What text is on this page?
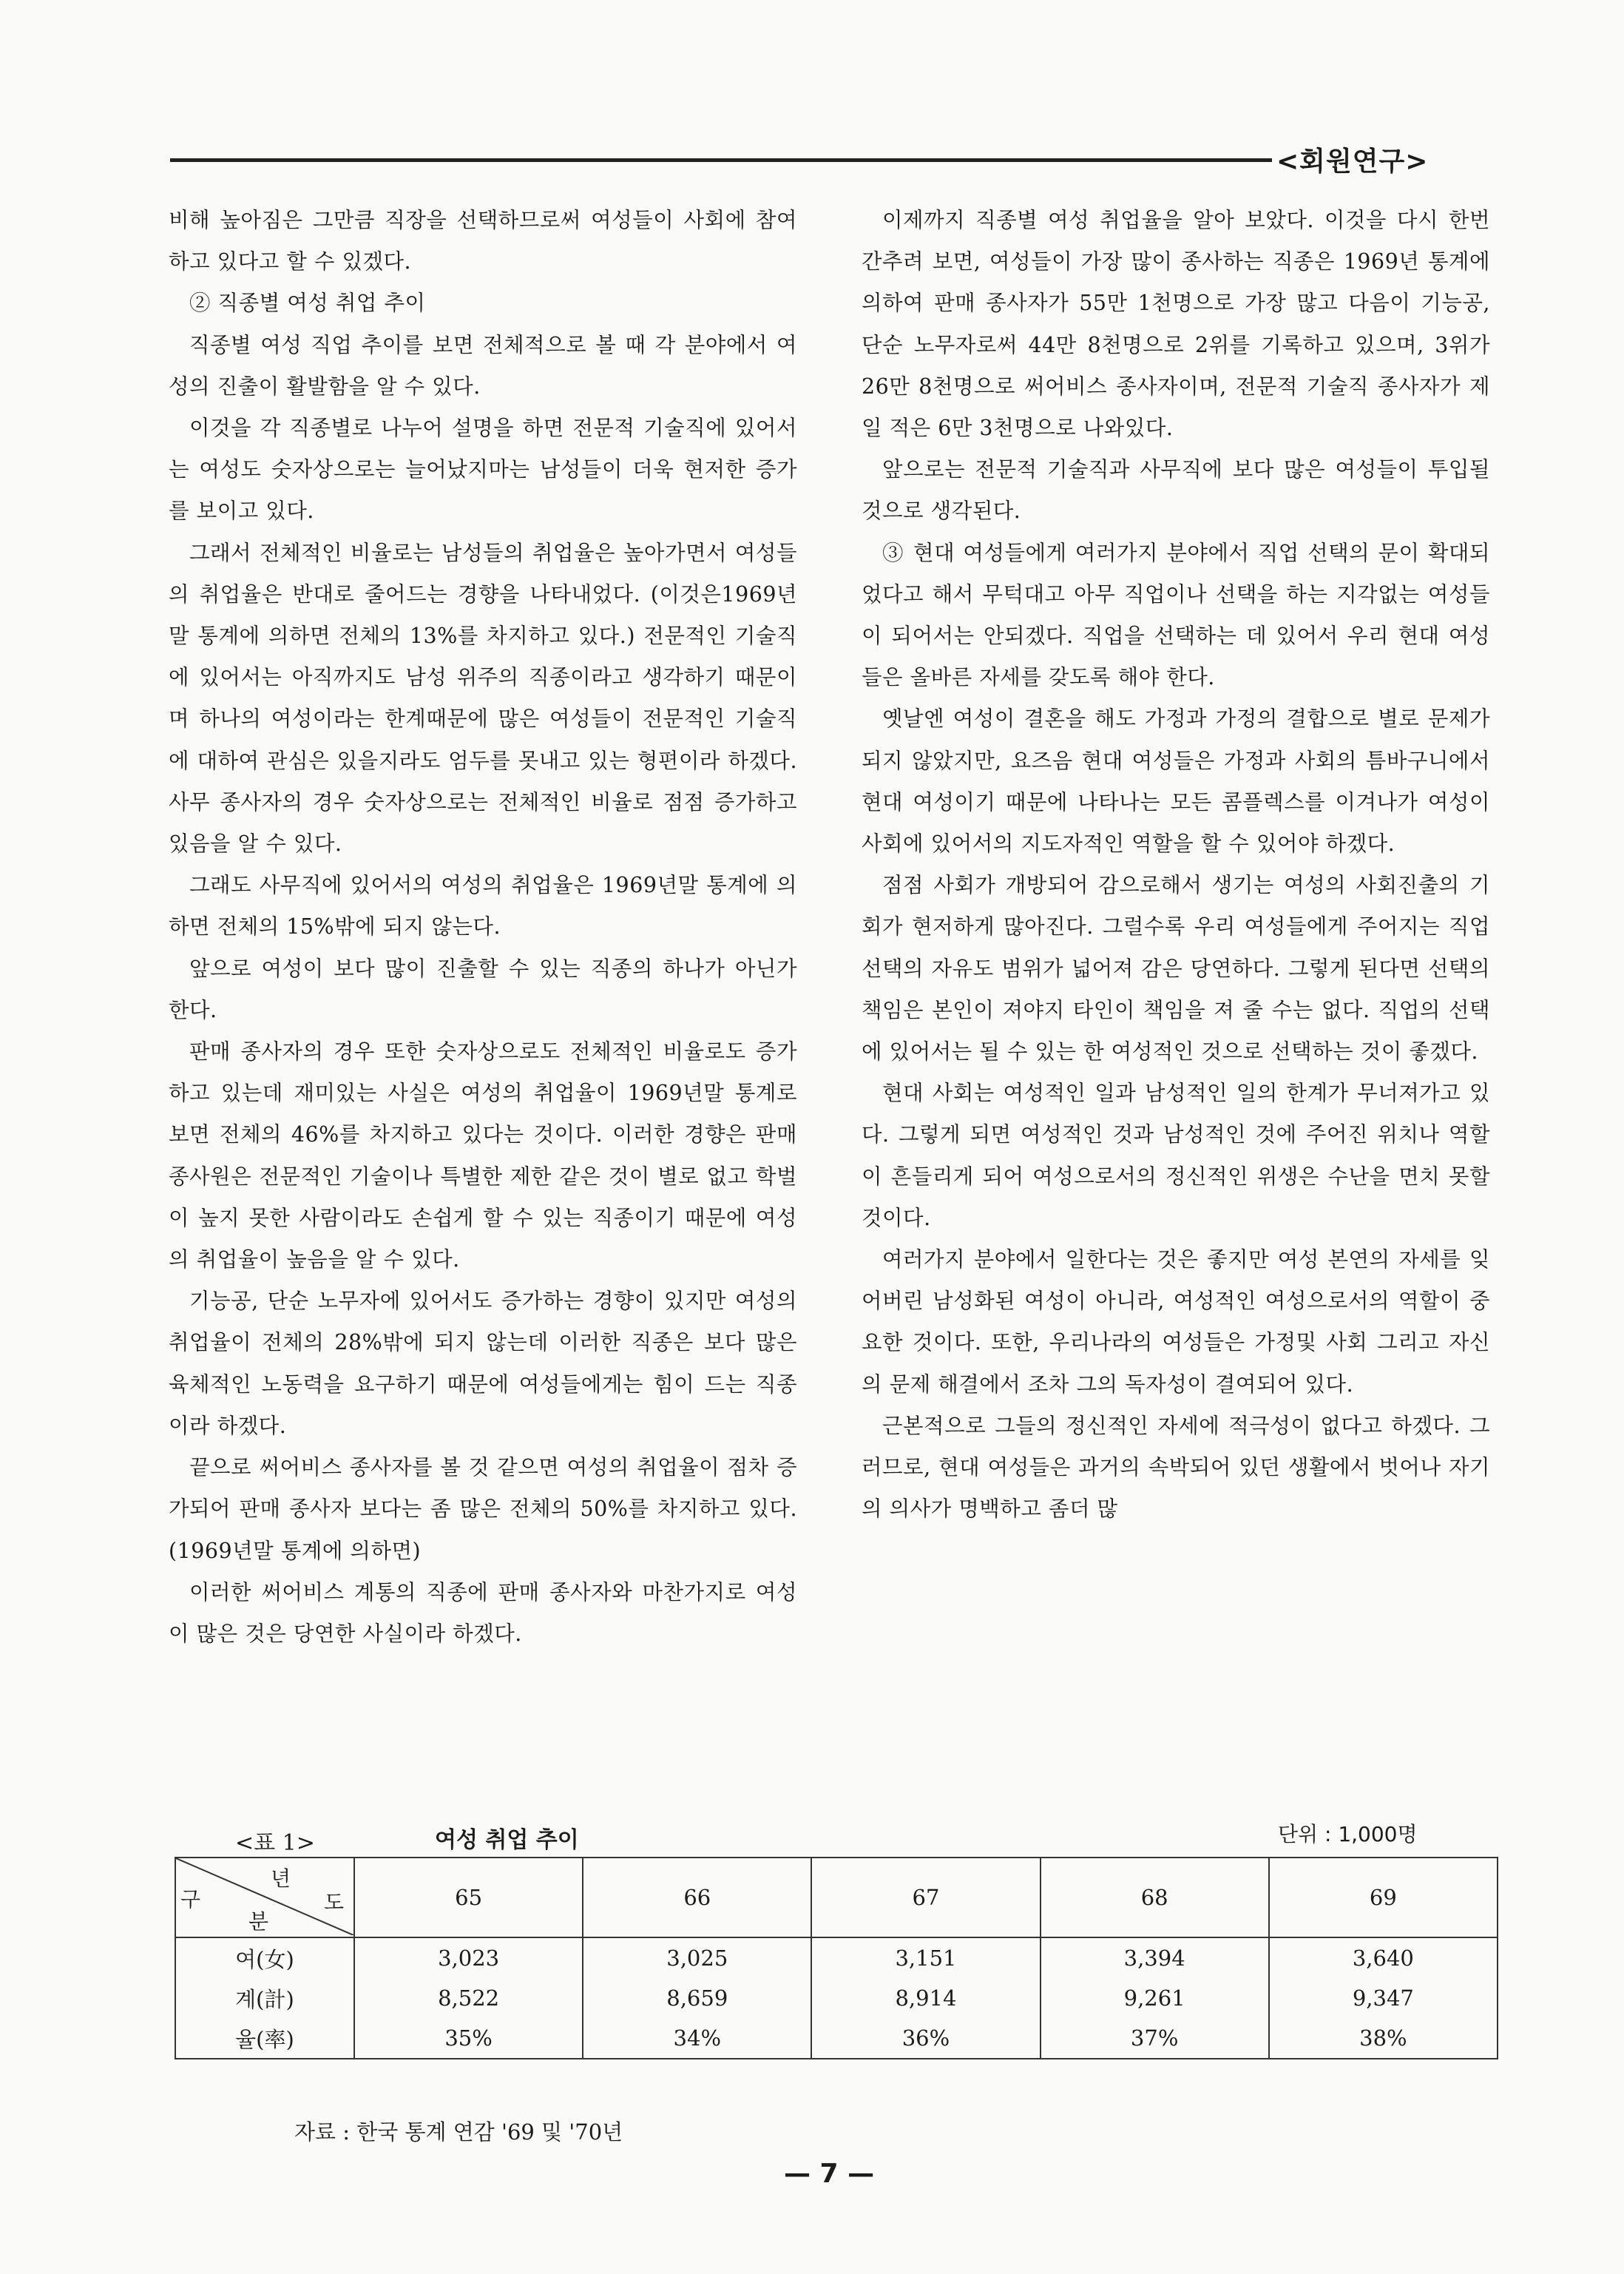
<회원연구>

비해 높아짐은 그만큼 직장을 선택하므로써 여성들이 사회에 참여하고 있다고 할 수 있겠다.

② 직종별 여성 취업 추이

직종별 여성 직업 추이를 보면 전체적으로 볼 때 각 분야에서 여성의 진출이 활발함을 알 수 있다.

이것을 각 직종별로 나누어 설명을 하면 전문적 기술직에 있어서는 여성도 숫자상으로는 늘어났지마는 남성들이 더욱 현저한 증가를 보이고 있다.

그래서 전체적인 비율로는 남성들의 취업율은 높아가면서 여성들의 취업율은 반대로 줄어드는 경향을 나타내었다. (이것은1969년말 통계에 의하면 전체의 13%를 차지하고 있다.) 전문적인 기술직에 있어서는 아직까지도 남성 위주의 직종이라고 생각하기 때문이며 하나의 여성이라는 한계때문에 많은 여성들이 전문적인 기술직에 대하여 관심은 있을지라도 엄두를 못내고 있는 형편이라 하겠다. 사무 종사자의 경우 숫자상으로는 전체적인 비율로 점점 증가하고 있음을 알 수 있다.

그래도 사무직에 있어서의 여성의 취업율은 1969년말 통계에 의하면 전체의 15%밖에 되지 않는다.

앞으로 여성이 보다 많이 진출할 수 있는 직종의 하나가 아닌가 한다.

판매 종사자의 경우 또한 숫자상으로도 전체적인 비율로도 증가하고 있는데 재미있는 사실은 여성의 취업율이 1969년말 통계로 보면 전체의 46%를 차지하고 있다는 것이다. 이러한 경향은 판매 종사원은 전문적인 기술이나 특별한 제한 같은 것이 별로 없고 학벌이 높지 못한 사람이라도 손쉽게 할 수 있는 직종이기 때문에 여성의 취업율이 높음을 알 수 있다.

기능공, 단순 노무자에 있어서도 증가하는 경향이 있지만 여성의 취업율이 전체의 28%밖에 되지 않는데 이러한 직종은 보다 많은 육체적인 노동력을 요구하기 때문에 여성들에게는 힘이 드는 직종이라 하겠다.

끝으로 써어비스 종사자를 볼 것 같으면 여성의 취업율이 점차 증가되어 판매 종사자 보다는 좀 많은 전체의 50%를 차지하고 있다.(1969년말 통계에 의하면)

이러한 써어비스 계통의 직종에 판매 종사자와 마찬가지로 여성이 많은 것은 당연한 사실이라 하겠다.

이제까지 직종별 여성 취업율을 알아 보았다. 이것을 다시 한번 간추려 보면, 여성들이 가장 많이 종사하는 직종은 1969년 통계에 의하여 판매 종사자가 55만 1천명으로 가장 많고 다음이 기능공, 단순 노무자로써 44만 8천명으로 2위를 기록하고 있으며, 3위가 26만 8천명으로 써어비스 종사자이며, 전문적 기술직 종사자가 제일 적은 6만 3천명으로 나와있다.

앞으로는 전문적 기술직과 사무직에 보다 많은 여성들이 투입될 것으로 생각된다.

③ 현대 여성들에게 여러가지 분야에서 직업 선택의 문이 확대되었다고 해서 무턱대고 아무 직업이나 선택을 하는 지각없는 여성들이 되어서는 안되겠다. 직업을 선택하는 데 있어서 우리 현대 여성들은 올바른 자세를 갖도록 해야 한다.

옛날엔 여성이 결혼을 해도 가정과 가정의 결합으로 별로 문제가 되지 않았지만, 요즈음 현대 여성들은 가정과 사회의 틈바구니에서 현대 여성이기 때문에 나타나는 모든 콤플렉스를 이겨나가 여성이 사회에 있어서의 지도자적인 역할을 할 수 있어야 하겠다.

점점 사회가 개방되어 감으로해서 생기는 여성의 사회진출의 기회가 현저하게 많아진다. 그럴수록 우리 여성들에게 주어지는 직업 선택의 자유도 범위가 넓어져 감은 당연하다. 그렇게 된다면 선택의 책임은 본인이 져야지 타인이 책임을 져 줄 수는 없다. 직업의 선택에 있어서는 될 수 있는 한 여성적인 것으로 선택하는 것이 좋겠다.

현대 사회는 여성적인 일과 남성적인 일의 한계가 무너져가고 있다. 그렇게 되면 여성적인 것과 남성적인 것에 주어진 위치나 역할이 흔들리게 되어 여성으로서의 정신적인 위생은 수난을 면치 못할 것이다.

여러가지 분야에서 일한다는 것은 좋지만 여성 본연의 자세를 잊어버린 남성화된 여성이 아니라, 여성적인 여성으로서의 역할이 중요한 것이다. 또한, 우리나라의 여성들은 가정및 사회 그리고 자신의 문제 해결에서 조차 그의 독자성이 결여되어 있다.

근본적으로 그들의 정신적인 자세에 적극성이 없다고 하겠다. 그러므로, 현대 여성들은 과거의 속박되어 있던 생활에서 벗어나 자기의 의사가 명백하고 좀더 많

<표 1>	여성 취업 추이	단위 : 1,000명
년
도
구
분	65	66	67	68	69
여(女)	3,023	3,025	3,151	3,394	3,640
계(計)	8,522	8,659	8,914	9,261	9,347
율(率)	35%	34%	36%	37%	38%
자료 : 한국 통계 연감 '69 및 '70년
— 7 —
